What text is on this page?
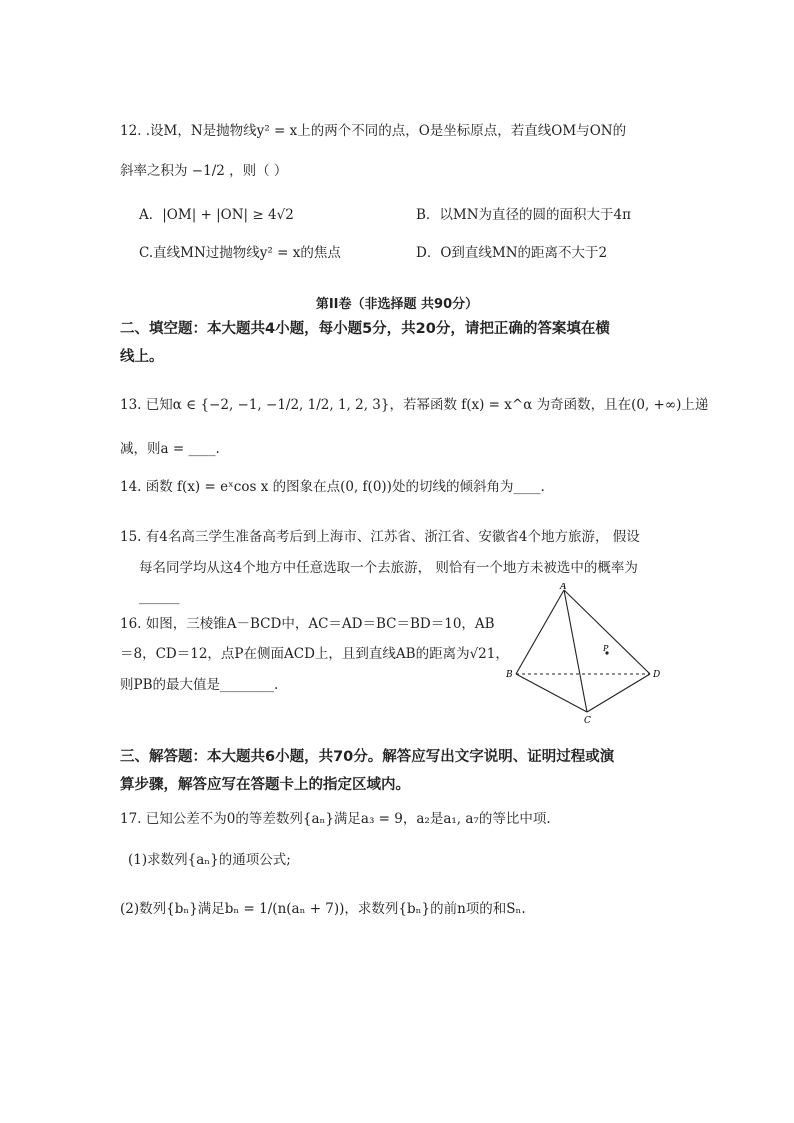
12. .设M，N是抛物线y² = x上的两个不同的点，O是坐标原点，若直线OM与ON的
斜率之积为 −1/2 ，则（ ）
A．|OM| + |ON| ≥ 4√2	B．以MN为直径的圆的面积大于4π
C.直线MN过抛物线y² = x的焦点	D．O到直线MN的距离不大于2
第II卷（非选择题 共90分）
二、填空题：本大题共4小题，每小题5分，共20分，请把正确的答案填在横
线上。
13. 已知α ∈ {−2, −1, −1/2, 1/2, 1, 2, 3}，若幂函数 f(x) = x^α 为奇函数，且在(0, +∞)上递
减，则a = ____.
14. 函数 f(x) = eˣcos x 的图象在点(0, f(0))处的切线的倾斜角为____.
15. 有4名高三学生准备高考后到上海市、江苏省、浙江省、安徽省4个地方旅游， 假设
每名同学均从这4个地方中任意选取一个去旅游， 则恰有一个地方未被选中的概率为
______
16. 如图，三棱锥A－BCD中，AC＝AD＝BC＝BD＝10，AB
＝8，CD＝12，点P在侧面ACD上，且到直线AB的距离为√21，
则PB的最大值是________.
A
B
C
D
P
三、解答题：本大题共6小题，共70分。解答应写出文字说明、证明过程或演
算步骤，解答应写在答题卡上的指定区域内。
17. 已知公差不为0的等差数列{aₙ}满足a₃ = 9，a₂是a₁, a₇的等比中项.
(1)求数列{aₙ}的通项公式;
(2)数列{bₙ}满足bₙ = 1/(n(aₙ + 7))，求数列{bₙ}的前n项的和Sₙ.
